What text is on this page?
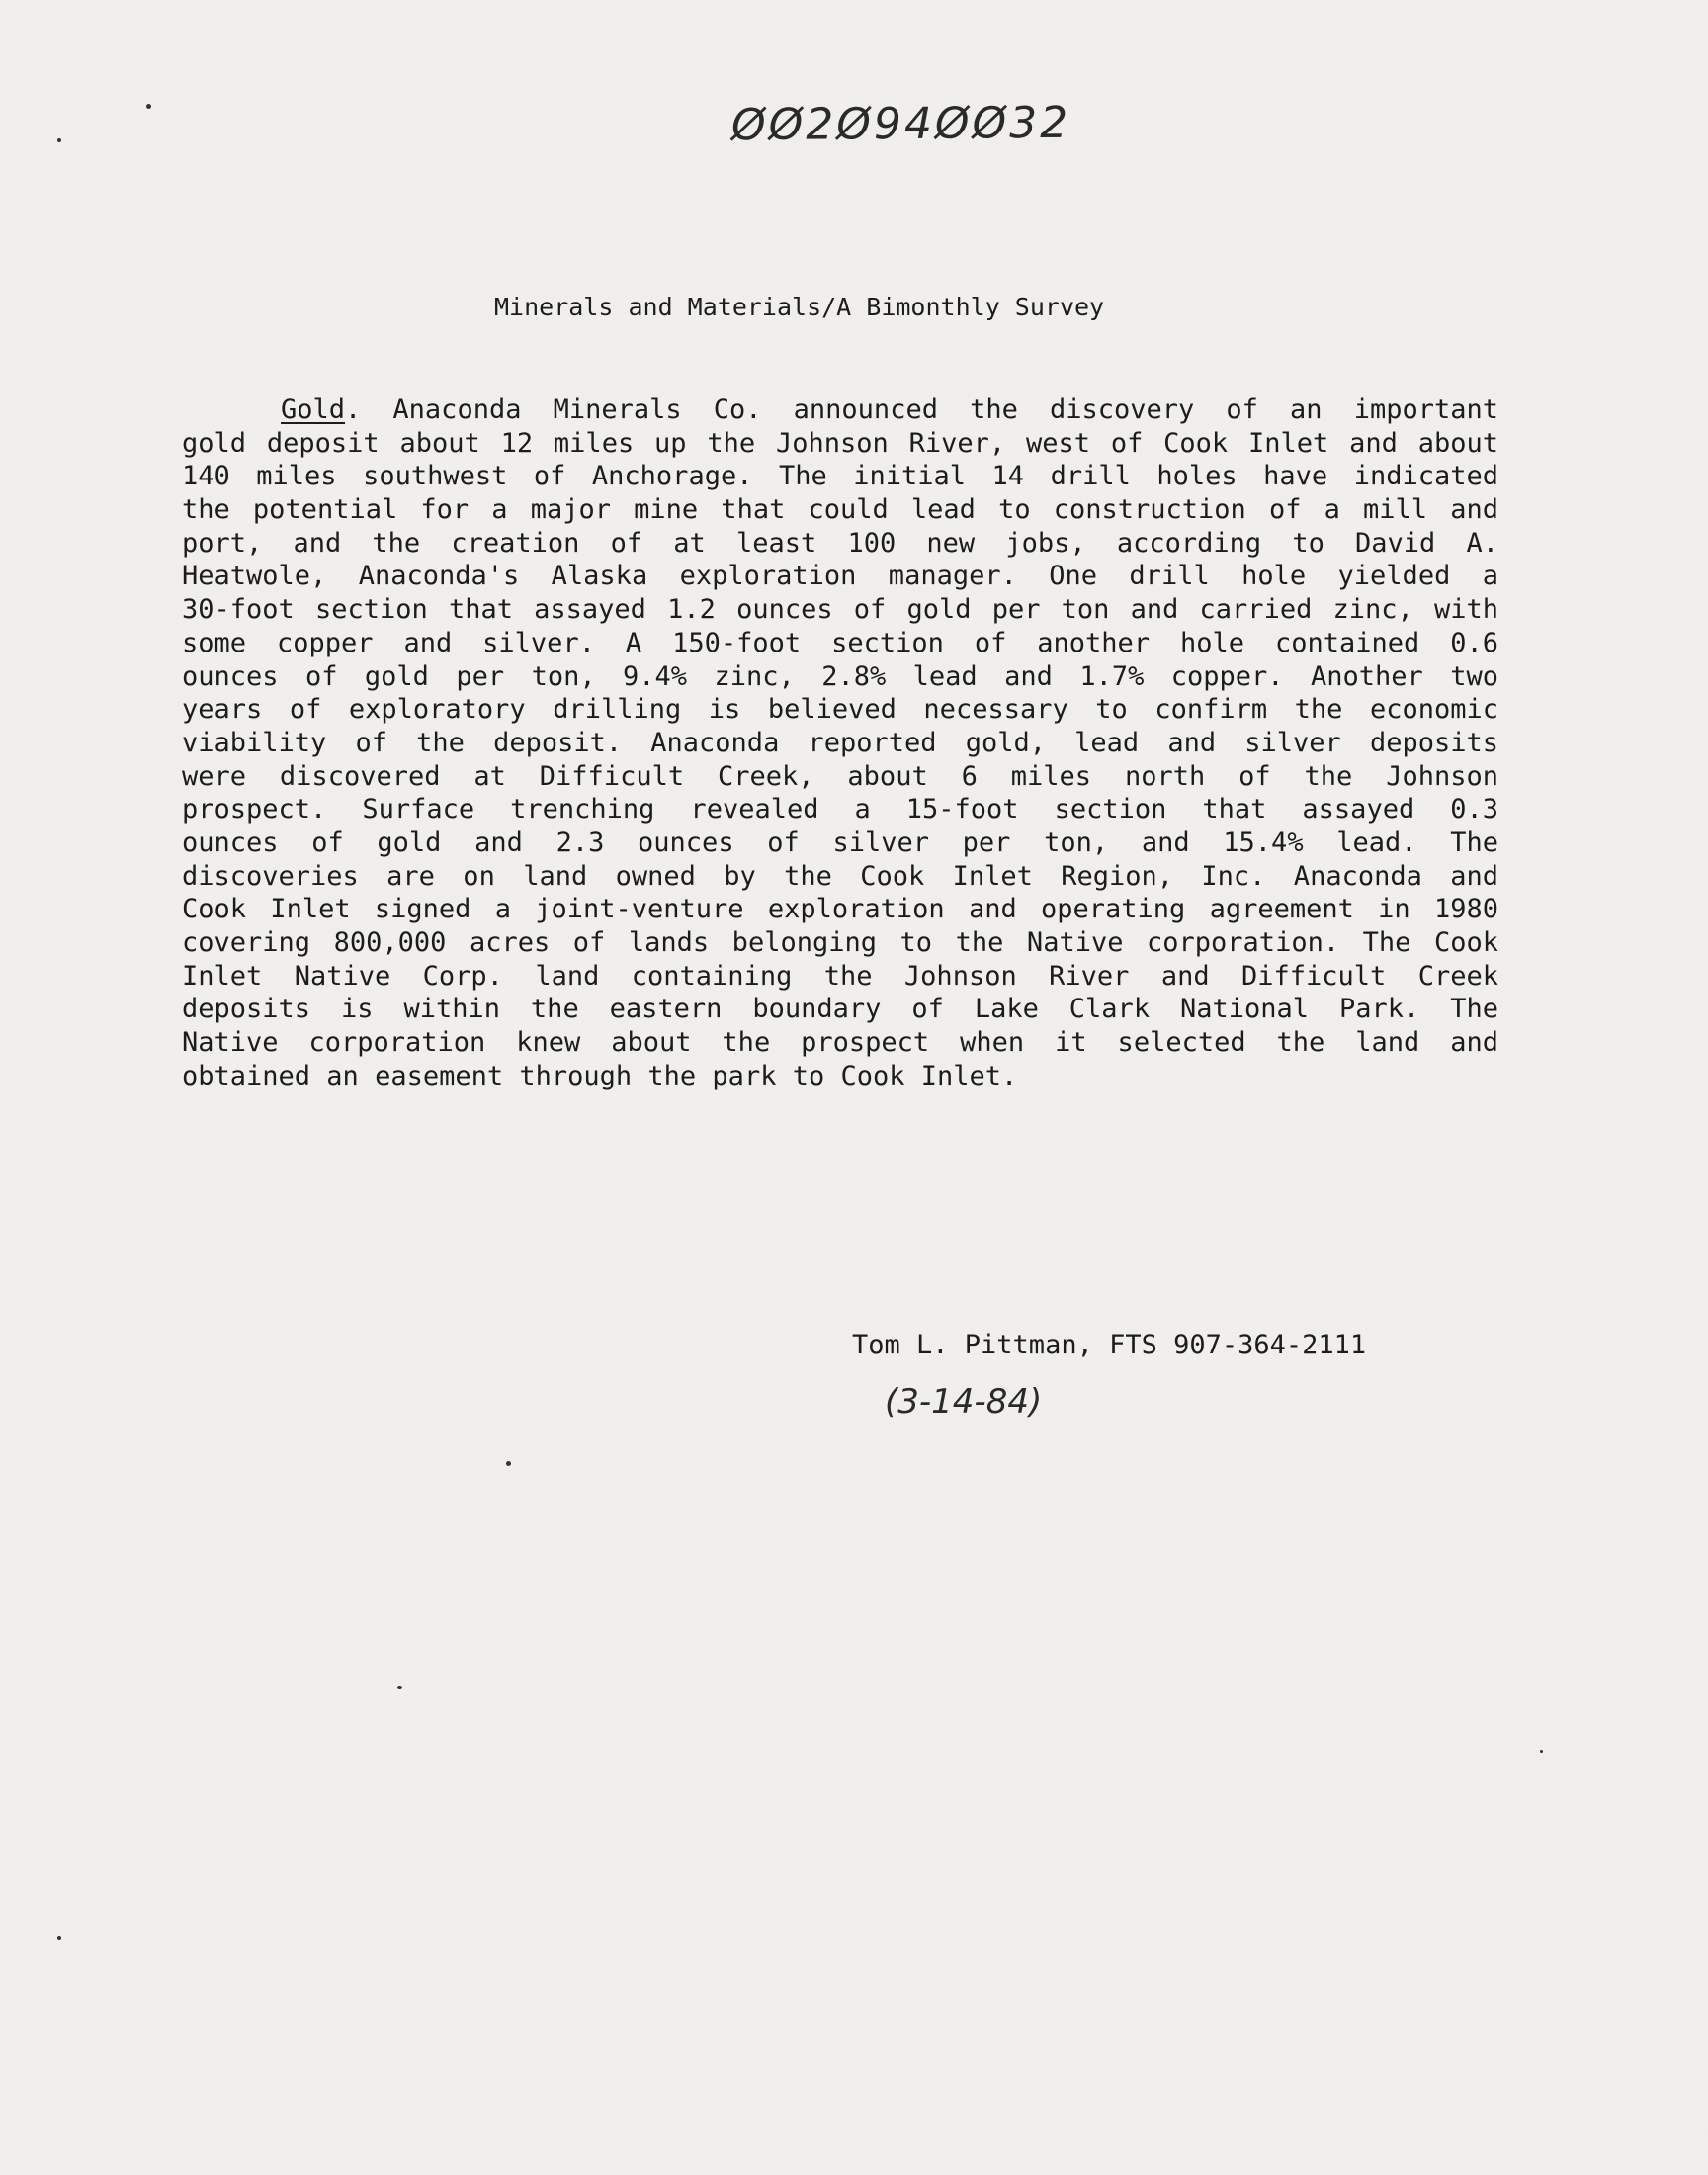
ØØ2Ø94ØØ32
Minerals and Materials/A Bimonthly Survey
Gold. Anaconda Minerals Co. announced the discovery of an important
gold deposit about 12 miles up the Johnson River, west of Cook Inlet and about
140 miles southwest of Anchorage. The initial 14 drill holes have indicated
the potential for a major mine that could lead to construction of a mill and
port, and the creation of at least 100 new jobs, according to David A.
Heatwole, Anaconda's Alaska exploration manager. One drill hole yielded a
30-foot section that assayed 1.2 ounces of gold per ton and carried zinc, with
some copper and silver. A 150-foot section of another hole contained 0.6
ounces of gold per ton, 9.4% zinc, 2.8% lead and 1.7% copper. Another two
years of exploratory drilling is believed necessary to confirm the economic
viability of the deposit. Anaconda reported gold, lead and silver deposits
were discovered at Difficult Creek, about 6 miles north of the Johnson
prospect. Surface trenching revealed a 15-foot section that assayed 0.3
ounces of gold and 2.3 ounces of silver per ton, and 15.4% lead. The
discoveries are on land owned by the Cook Inlet Region, Inc. Anaconda and
Cook Inlet signed a joint-venture exploration and operating agreement in 1980
covering 800,000 acres of lands belonging to the Native corporation. The Cook
Inlet Native Corp. land containing the Johnson River and Difficult Creek
deposits is within the eastern boundary of Lake Clark National Park. The
Native corporation knew about the prospect when it selected the land and
obtained an easement through the park to Cook Inlet.
Tom L. Pittman, FTS 907-364-2111
(3-14-84)
